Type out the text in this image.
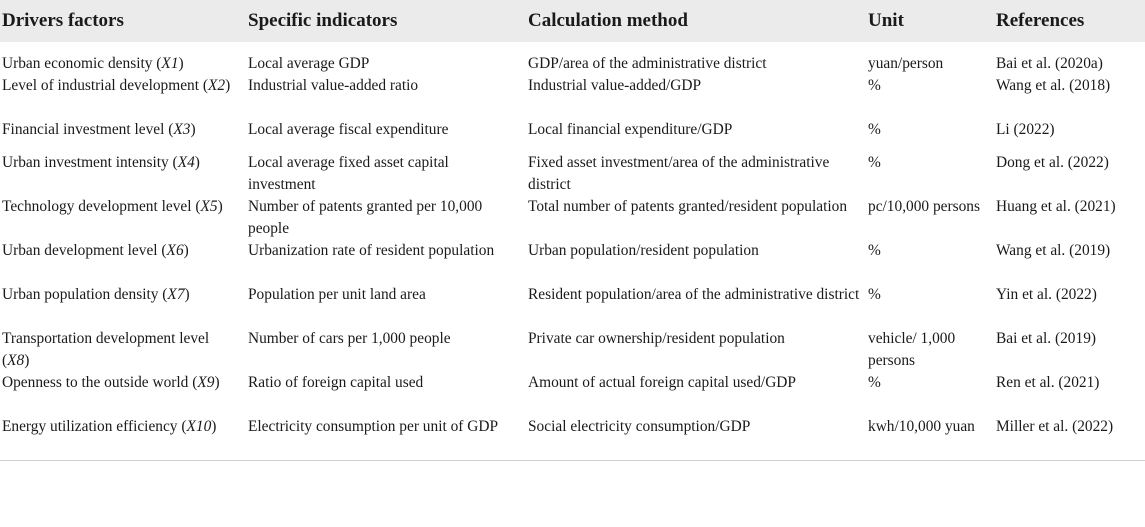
Drivers factors	Specific indicators	Calculation method	Unit	References
Urban economic density (X1)	Local average GDP	GDP/area of the administrative district	yuan/person	Bai et al. (2020a)
Level of industrial development (X2)	Industrial value-added ratio	Industrial value-added/GDP	%	Wang et al. (2018)
Financial investment level (X3)	Local average fiscal expenditure	Local financial expenditure/GDP	%	Li (2022)
Urban investment intensity (X4)	Local average fixed asset capital investment	Fixed asset investment/area of the administrative district	%	Dong et al. (2022)
Technology development level (X5)	Number of patents granted per 10,000 people	Total number of patents granted/resident population	pc/10,000 persons	Huang et al. (2021)
Urban development level (X6)	Urbanization rate of resident population	Urban population/resident population	%	Wang et al. (2019)
Urban population density (X7)	Population per unit land area	Resident population/area of the administrative district	%	Yin et al. (2022)
Transportation development level (X8)	Number of cars per 1,000 people	Private car ownership/resident population	vehicle/ 1,000 persons	Bai et al. (2019)
Openness to the outside world (X9)	Ratio of foreign capital used	Amount of actual foreign capital used/GDP	%	Ren et al. (2021)
Energy utilization efficiency (X10)	Electricity consumption per unit of GDP	Social electricity consumption/GDP	kwh/10,000 yuan	Miller et al. (2022)
